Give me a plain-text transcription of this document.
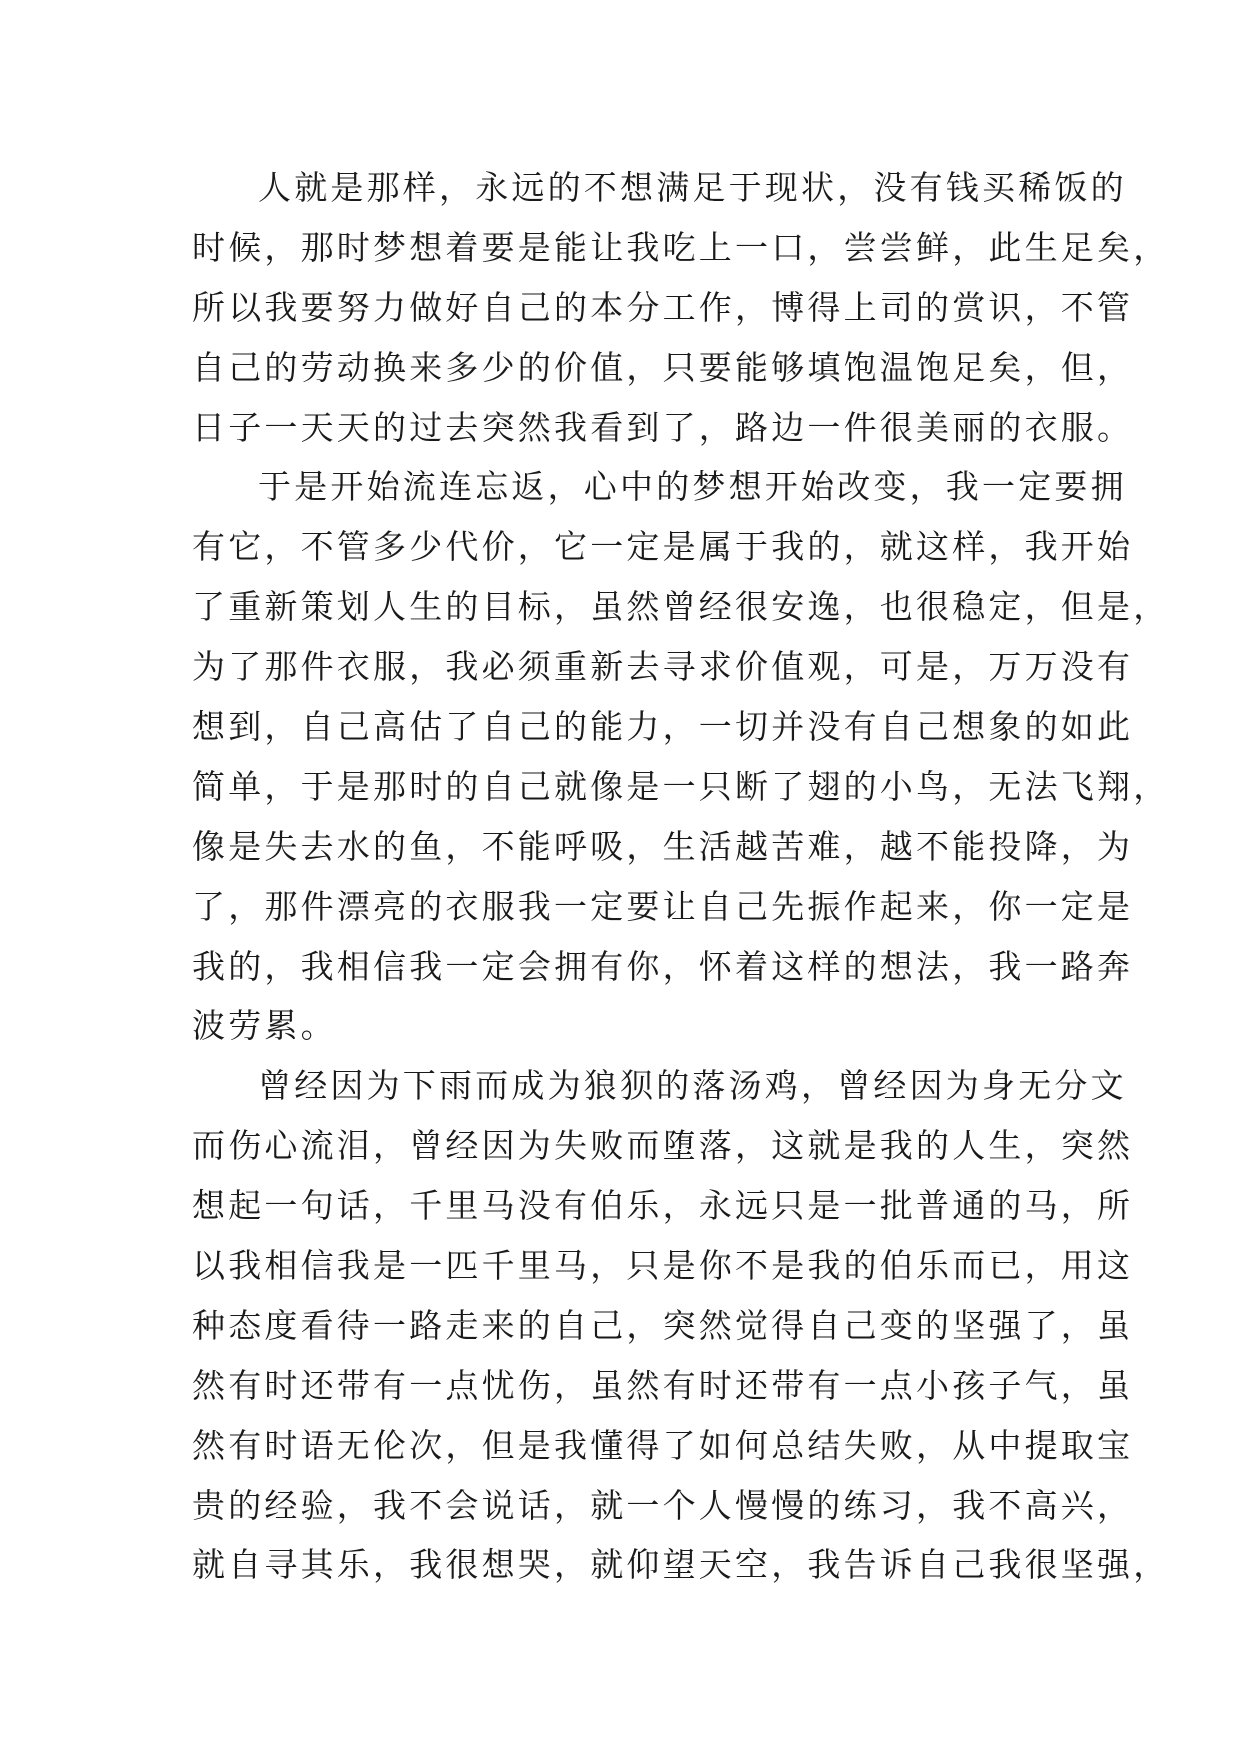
人就是那样，永远的不想满足于现状，没有钱买稀饭的
时候，那时梦想着要是能让我吃上一口，尝尝鲜，此生足矣，
所以我要努力做好自己的本分工作，博得上司的赏识，不管
自己的劳动换来多少的价值，只要能够填饱温饱足矣，但，
日子一天天的过去突然我看到了，路边一件很美丽的衣服。
于是开始流连忘返，心中的梦想开始改变，我一定要拥
有它，不管多少代价，它一定是属于我的，就这样，我开始
了重新策划人生的目标，虽然曾经很安逸，也很稳定，但是，
为了那件衣服，我必须重新去寻求价值观，可是，万万没有
想到，自己高估了自己的能力，一切并没有自己想象的如此
简单，于是那时的自己就像是一只断了翅的小鸟，无法飞翔，
像是失去水的鱼，不能呼吸，生活越苦难，越不能投降，为
了，那件漂亮的衣服我一定要让自己先振作起来，你一定是
我的，我相信我一定会拥有你，怀着这样的想法，我一路奔
波劳累。
曾经因为下雨而成为狼狈的落汤鸡，曾经因为身无分文
而伤心流泪，曾经因为失败而堕落，这就是我的人生，突然
想起一句话，千里马没有伯乐，永远只是一批普通的马，所
以我相信我是一匹千里马，只是你不是我的伯乐而已，用这
种态度看待一路走来的自己，突然觉得自己变的坚强了，虽
然有时还带有一点忧伤，虽然有时还带有一点小孩子气，虽
然有时语无伦次，但是我懂得了如何总结失败，从中提取宝
贵的经验，我不会说话，就一个人慢慢的练习，我不高兴，
就自寻其乐，我很想哭，就仰望天空，我告诉自己我很坚强，
